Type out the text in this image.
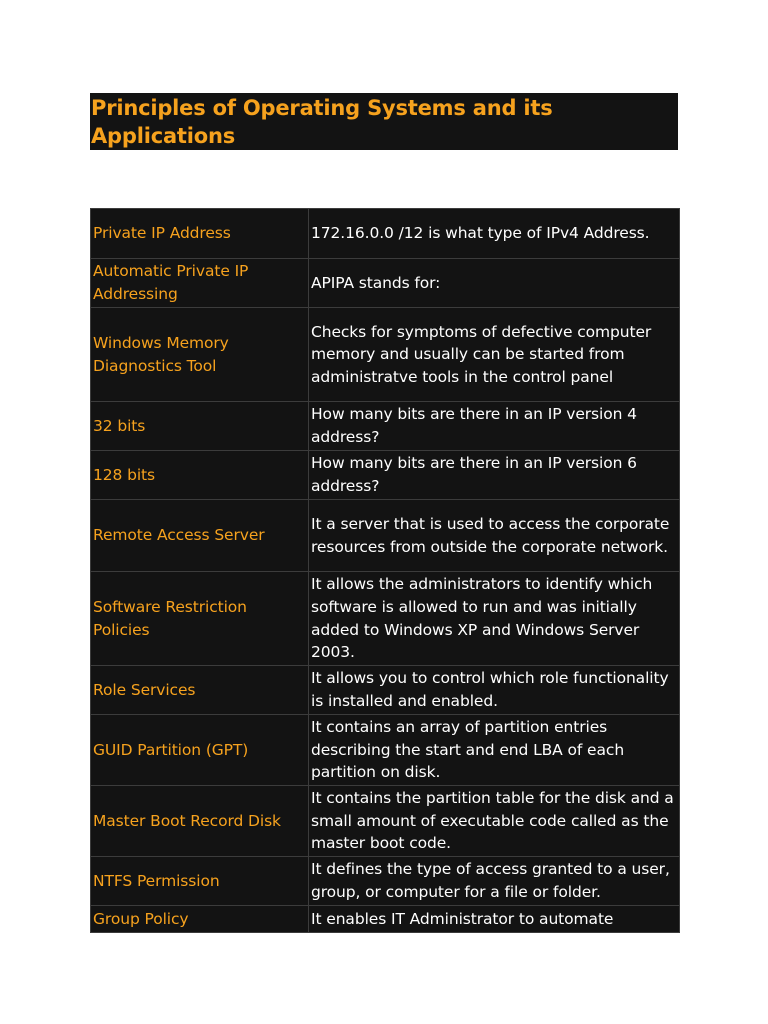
Principles of Operating Systems and its Applications
Private IP Address	172.16.0.0 /12 is what type of IPv4 Address.
Automatic Private IP Addressing	APIPA stands for:
Windows Memory Diagnostics Tool	Checks for symptoms of defective computer memory and usually can be started from administratve tools in the control panel
32 bits	How many bits are there in an IP version 4 address?
128 bits	How many bits are there in an IP version 6 address?
Remote Access Server	It a server that is used to access the corporate resources from outside the corporate network.
Software Restriction Policies	It allows the administrators to identify which software is allowed to run and was initially added to Windows XP and Windows Server 2003.
Role Services	It allows you to control which role functionality is installed and enabled.
GUID Partition (GPT)	It contains an array of partition entries describing the start and end LBA of each partition on disk.
Master Boot Record Disk	It contains the partition table for the disk and a small amount of executable code called as the master boot code.
NTFS Permission	It defines the type of access granted to a user, group, or computer for a file or folder.
Group Policy	It enables IT Administrator to automate
